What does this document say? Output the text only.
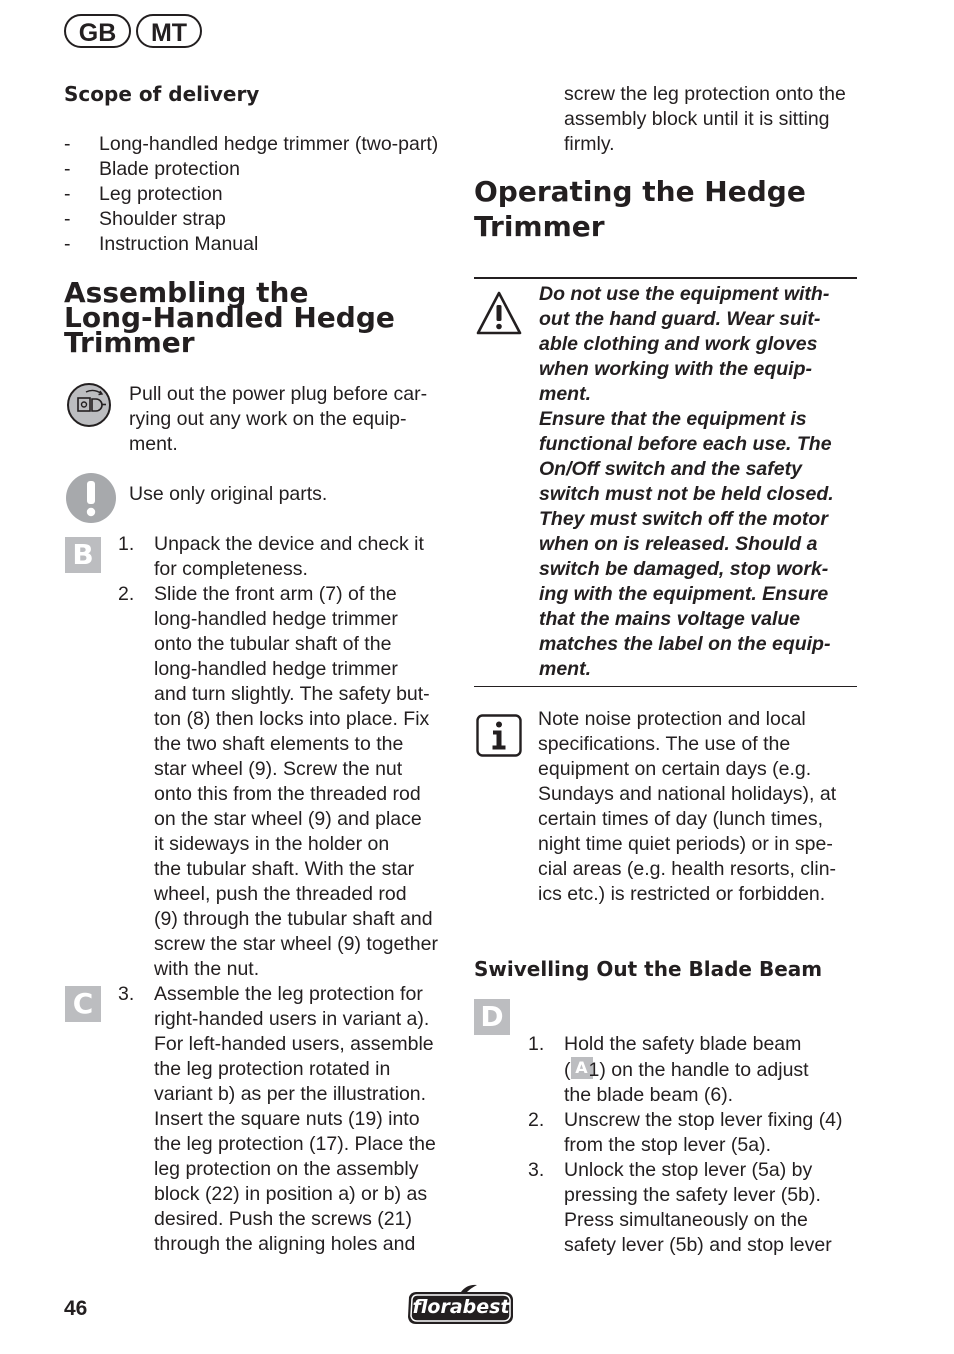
GB	MT
Scope of delivery
- Long-handled hedge trimmer (two-part)
- Blade protection
- Leg protection
- Shoulder strap
- Instruction Manual
Assembling the
Long-Handled Hedge
Trimmer
Pull out the power plug before car-
rying out any work on the equip-
ment.
Use only original parts.
B
C
1. Unpack the device and check it
for completeness.
2. Slide the front arm (7) of the
long-handled hedge trimmer
onto the tubular shaft of the
long-handled hedge trimmer
and turn slightly. The safety but-
ton (8) then locks into place. Fix
the two shaft elements to the
star wheel (9). Screw the nut
onto this from the threaded rod
on the star wheel (9) and place
it sideways in the holder on
the tubular shaft. With the star
wheel, push the threaded rod
(9) through the tubular shaft and
screw the star wheel (9) together
with the nut.
3. Assemble the leg protection for
right-handed users in variant a).
For left-handed users, assemble
the leg protection rotated in
variant b) as per the illustration.
Insert the square nuts (19) into
the leg protection (17). Place the
leg protection on the assembly
block (22) in position a) or b) as
desired. Push the screws (21)
through the aligning holes and
screw the leg protection onto the
assembly block until it is sitting
firmly.
Operating the Hedge
Trimmer
Do not use the equipment with-
out the hand guard. Wear suit-
able clothing and work gloves
when working with the equip-
ment.
Ensure that the equipment is
functional before each use. The
On/Off switch and the safety
switch must not be held closed.
They must switch off the motor
when on is released. Should a
switch be damaged, stop work-
ing with the equipment. Ensure
that the mains voltage value
matches the label on the equip-
ment.
Note noise protection and local
specifications. The use of the
equipment on certain days (e.g.
Sundays and national holidays), at
certain times of day (lunch times,
night time quiet periods) or in spe-
cial areas (e.g. health resorts, clin-
ics etc.) is restricted or forbidden.
Swivelling Out the Blade Beam
D
1. Hold the safety blade beam
( A1) on the handle to adjust
the blade beam (6).
2. Unscrew the stop lever fixing (4)
from the stop lever (5a).
3. Unlock the stop lever (5a) by
pressing the safety lever (5b).
Press simultaneously on the
safety lever (5b) and stop lever
46	florabest
